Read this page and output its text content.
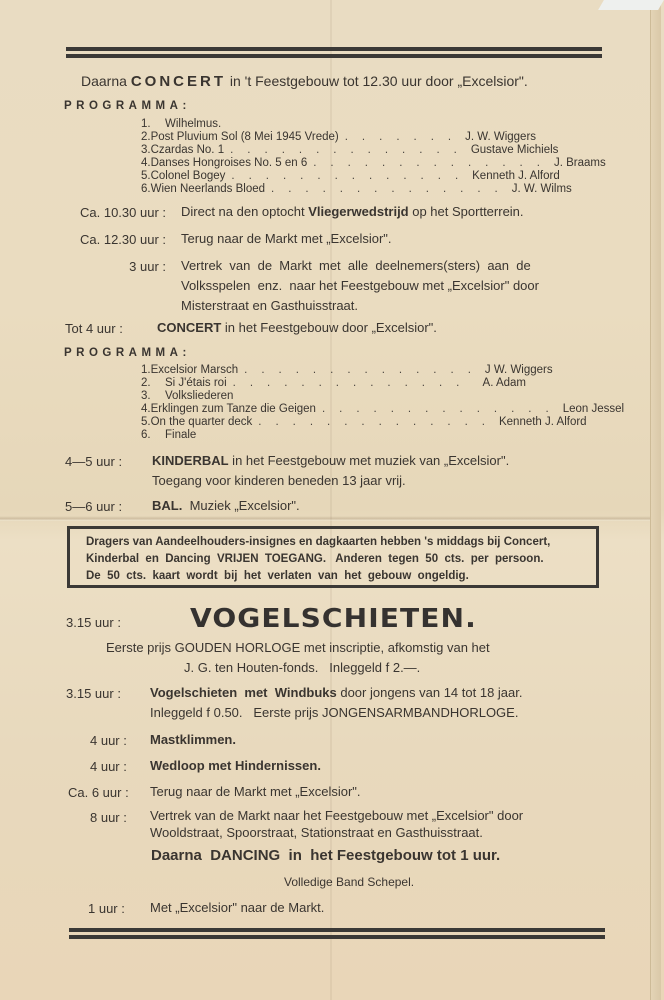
Daarna CONCERT in 't Feestgebouw tot 12.30 uur door „Excelsior".
PROGRAMMA:
1.	Wilhelmus.
2. Post Pluvium Sol (8 Mei 1945 Vrede) ....... J. W. Wiggers
3. Czardas No. 1 .............. Gustave Michiels
4. Danses Hongroises No. 5 en 6 .............. J. Braams
5. Colonel Bogey .............. Kenneth J. Alford
6. Wien Neerlands Bloed .............. J. W. Wilms
Ca. 10.30 uur : Direct na den optocht Vliegerwedstrijd op het Sportterrein.
Ca. 12.30 uur : Terug naar de Markt met „Excelsior".
3 uur : Vertrek  van  de  Markt  met  alle  deelnemers(sters)  aan  de
Volksspelen  enz.  naar het Feestgebouw met „Excelsior" door
Misterstraat en Gasthuisstraat.
Tot 4 uur :	CONCERT in het Feestgebouw door „Excelsior".
PROGRAMMA:
1. Excelsior Marsch .............. J W. Wiggers
2.	Si J'étais roi .............. A. Adam
3.	Volksliederen
4. Erklingen zum Tanze die Geigen .............. Leon Jessel
5. On the quarter deck .............. Kenneth J. Alford
6.	Finale
4—5 uur : KINDERBAL in het Feestgebouw met muziek van „Excelsior".
Toegang voor kinderen beneden 13 jaar vrij.
5—6 uur : BAL.  Muziek „Excelsior".
Dragers van Aandeelhouders-insignes en dagkaarten hebben 's middags bij Concert,
Kinderbal  en  Dancing  VRIJEN  TOEGANG.   Anderen  tegen  50  cts.  per  persoon.
De  50  cts.  kaart  wordt  bij  het  verlaten  van  het  gebouw  ongeldig.
3.15 uur :	VOGELSCHIETEN.
Eerste prijs GOUDEN HORLOGE met inscriptie, afkomstig van het
J. G. ten Houten-fonds.   Inleggeld f 2.—.
3.15 uur : Vogelschieten  met  Windbuks door jongens van 14 tot 18 jaar.
Inleggeld f 0.50.   Eerste prijs JONGENSARMBANDHORLOGE.
4 uur : Mastklimmen.
4 uur : Wedloop met Hindernissen.
Ca. 6 uur : Terug naar de Markt met „Excelsior".
8 uur : Vertrek van de Markt naar het Feestgebouw met „Excelsior" door
Wooldstraat, Spoorstraat, Stationstraat en Gasthuisstraat.
Daarna  DANCING  in  het Feestgebouw tot 1 uur.
Volledige Band Schepel.
1 uur : Met „Excelsior" naar de Markt.
